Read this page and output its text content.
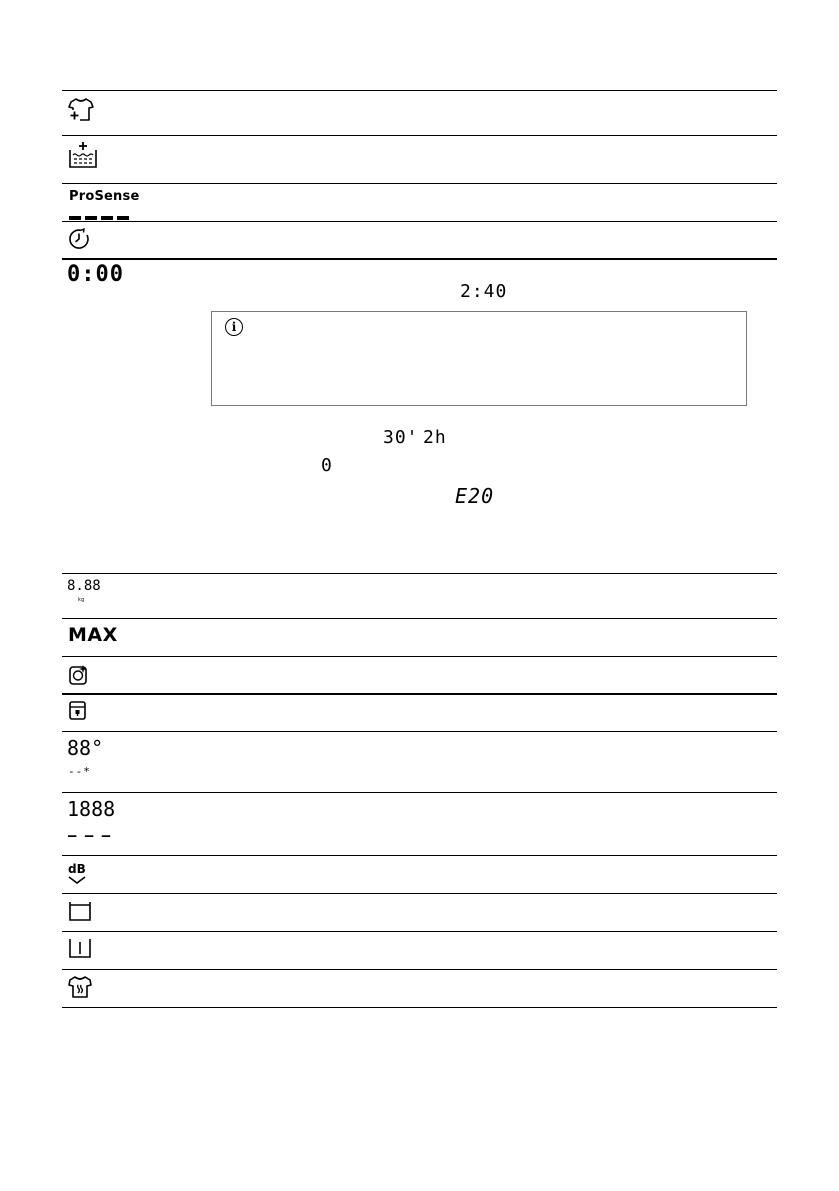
ProSense
0:00
2:40
i
30' 2h
0
E20
8.88
kg
MAX
88°
--*
1888
– – –
dB
